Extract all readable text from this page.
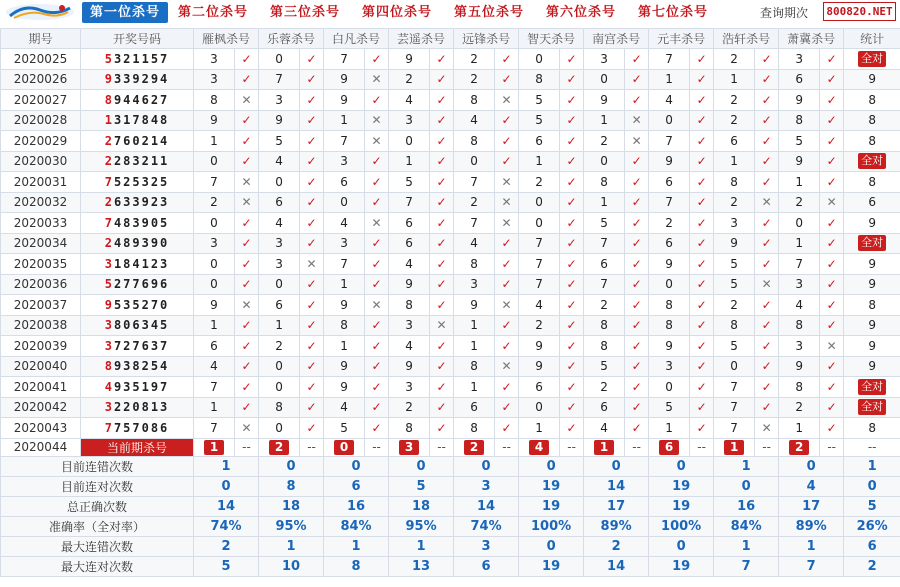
第一位杀号	第二位杀号 第三位杀号 第四位杀号 第五位杀号 第六位杀号 第七位杀号	查询期次	800820.NET
期号	开奖号码	雁枫杀号		乐蓉杀号		白凡杀号		芸遥杀号		远锋杀号		智天杀号		南宫杀号		元丰杀号		浩轩杀号		萧冀杀号		统计
2020025	5321157	3	✓	0	✓	7	✓	9	✓	2	✓	0	✓	3	✓	7	✓	2	✓	3	✓	全对
2020026	9339294	3	✓	7	✓	9	✕	2	✓	2	✓	8	✓	0	✓	1	✓	1	✓	6	✓	9
2020027	8944627	8	✕	3	✓	9	✓	4	✓	8	✕	5	✓	9	✓	4	✓	2	✓	9	✓	8
2020028	1317848	9	✓	9	✓	1	✕	3	✓	4	✓	5	✓	1	✕	0	✓	2	✓	8	✓	8
2020029	2760214	1	✓	5	✓	7	✕	0	✓	8	✓	6	✓	2	✕	7	✓	6	✓	5	✓	8
2020030	2283211	0	✓	4	✓	3	✓	1	✓	0	✓	1	✓	0	✓	9	✓	1	✓	9	✓	全对
2020031	7525325	7	✕	0	✓	6	✓	5	✓	7	✕	2	✓	8	✓	6	✓	8	✓	1	✓	8
2020032	2633923	2	✕	6	✓	0	✓	7	✓	2	✕	0	✓	1	✓	7	✓	2	✕	2	✕	6
2020033	7483905	0	✓	4	✓	4	✕	6	✓	7	✕	0	✓	5	✓	2	✓	3	✓	0	✓	9
2020034	2489390	3	✓	3	✓	3	✓	6	✓	4	✓	7	✓	7	✓	6	✓	9	✓	1	✓	全对
2020035	3184123	0	✓	3	✕	7	✓	4	✓	8	✓	7	✓	6	✓	9	✓	5	✓	7	✓	9
2020036	5277696	0	✓	0	✓	1	✓	9	✓	3	✓	7	✓	7	✓	0	✓	5	✕	3	✓	9
2020037	9535270	9	✕	6	✓	9	✕	8	✓	9	✕	4	✓	2	✓	8	✓	2	✓	4	✓	8
2020038	3806345	1	✓	1	✓	8	✓	3	✕	1	✓	2	✓	8	✓	8	✓	8	✓	8	✓	9
2020039	3727637	6	✓	2	✓	1	✓	4	✓	1	✓	9	✓	8	✓	9	✓	5	✓	3	✕	9
2020040	8938254	4	✓	0	✓	9	✓	9	✓	8	✕	9	✓	5	✓	3	✓	0	✓	9	✓	9
2020041	4935197	7	✓	0	✓	9	✓	3	✓	1	✓	6	✓	2	✓	0	✓	7	✓	8	✓	全对
2020042	3220813	1	✓	8	✓	4	✓	2	✓	6	✓	0	✓	6	✓	5	✓	7	✓	2	✓	全对
2020043	7757086	7	✕	0	✓	5	✓	8	✓	8	✓	1	✓	4	✓	1	✓	7	✕	1	✓	8
2020044	当前期杀号	1	--	2	--	0	--	3	--	2	--	4	--	1	--	6	--	1	--	2	--	--
目前连错次数		1		0		0		0		0		0		0		0		1		0		1
目前连对次数		0		8		6		5		3		19		14		19		0		4		0
总正确次数		14		18		16		18		14		19		17		19		16		17		5
准确率（全对率）		74%		95%		84%		95%		74%		100%		89%		100%		84%		89%		26%
最大连错次数		2		1		1		1		3		0		2		0		1		1		6
最大连对次数		5		10		8		13		6		19		14		19		7		7		2
